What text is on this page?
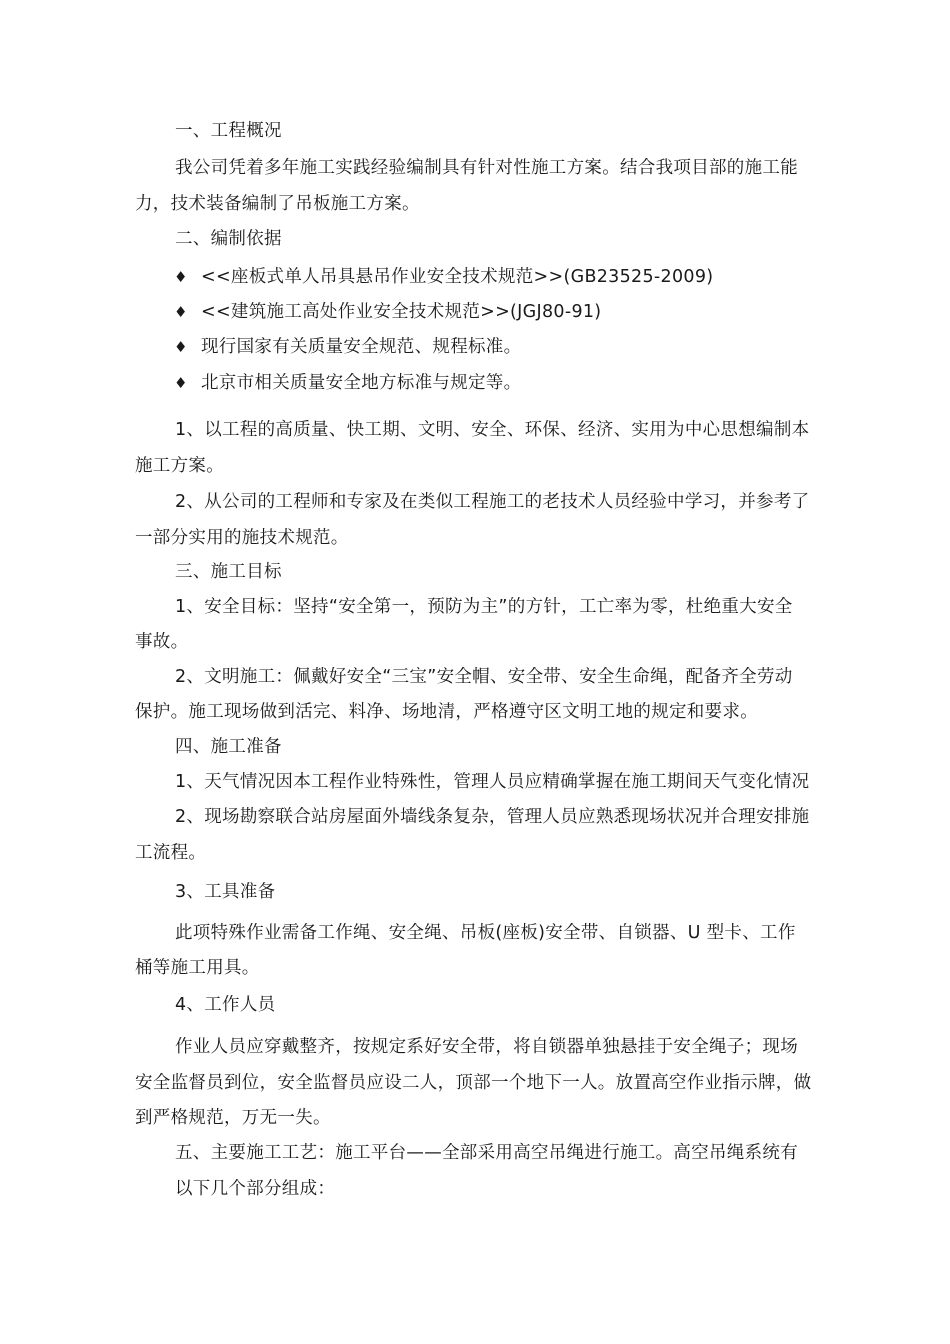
一、工程概况
我公司凭着多年施工实践经验编制具有针对性施工方案。结合我项目部的施工能
力，技术装备编制了吊板施工方案。
二、编制依据
♦ <<座板式单人吊具悬吊作业安全技术规范>>(GB23525-2009)
♦ <<建筑施工高处作业安全技术规范>>(JGJ80-91)
♦ 现行国家有关质量安全规范、规程标准。
♦ 北京市相关质量安全地方标准与规定等。
1、以工程的高质量、快工期、文明、安全、环保、经济、实用为中心思想编制本
施工方案。
2、从公司的工程师和专家及在类似工程施工的老技术人员经验中学习，并参考了
一部分实用的施技术规范。
三、施工目标
1、安全目标：坚持“安全第一，预防为主”的方针，工亡率为零，杜绝重大安全
事故。
2、文明施工：佩戴好安全“三宝”安全帽、安全带、安全生命绳，配备齐全劳动
保护。施工现场做到活完、料净、场地清，严格遵守区文明工地的规定和要求。
四、施工准备
1、天气情况因本工程作业特殊性，管理人员应精确掌握在施工期间天气变化情况
2、现场勘察联合站房屋面外墙线条复杂，管理人员应熟悉现场状况并合理安排施
工流程。
3、工具准备
此项特殊作业需备工作绳、安全绳、吊板(座板)安全带、自锁器、U 型卡、工作
桶等施工用具。
4、工作人员
作业人员应穿戴整齐，按规定系好安全带，将自锁器单独悬挂于安全绳子；现场
安全监督员到位，安全监督员应设二人，顶部一个地下一人。放置高空作业指示牌，做
到严格规范，万无一失。
五、主要施工工艺：施工平台——全部采用高空吊绳进行施工。高空吊绳系统有
以下几个部分组成：
